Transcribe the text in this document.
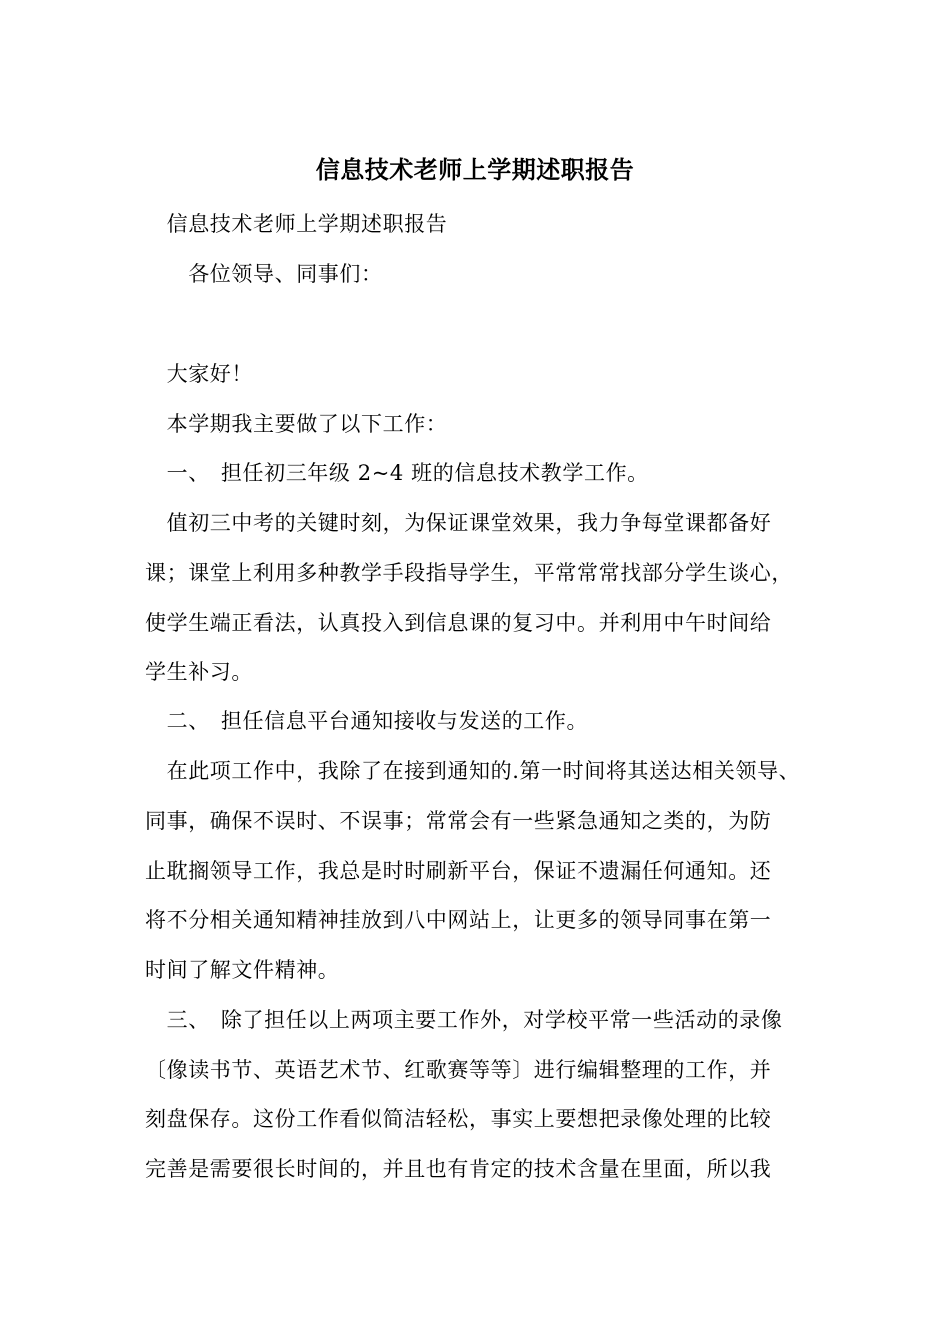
信息技术老师上学期述职报告
　信息技术老师上学期述职报告
　　各位领导、同事们：
　大家好！
　本学期我主要做了以下工作：
　一、　担任初三年级 2~4 班的信息技术教学工作。
　值初三中考的关键时刻，为保证课堂效果，我力争每堂课都备好
课；课堂上利用多种教学手段指导学生，平常常常找部分学生谈心，
使学生端正看法，认真投入到信息课的复习中。并利用中午时间给
学生补习。
　二、　担任信息平台通知接收与发送的工作。
　在此项工作中，我除了在接到通知的.第一时间将其送达相关领导、
同事，确保不误时、不误事；常常会有一些紧急通知之类的，为防
止耽搁领导工作，我总是时时刷新平台，保证不遗漏任何通知。还
将不分相关通知精神挂放到八中网站上，让更多的领导同事在第一
时间了解文件精神。
　三、　除了担任以上两项主要工作外，对学校平常一些活动的录像
〔像读书节、英语艺术节、红歌赛等等〕进行编辑整理的工作，并
刻盘保存。这份工作看似简洁轻松，事实上要想把录像处理的比较
完善是需要很长时间的，并且也有肯定的技术含量在里面，所以我
